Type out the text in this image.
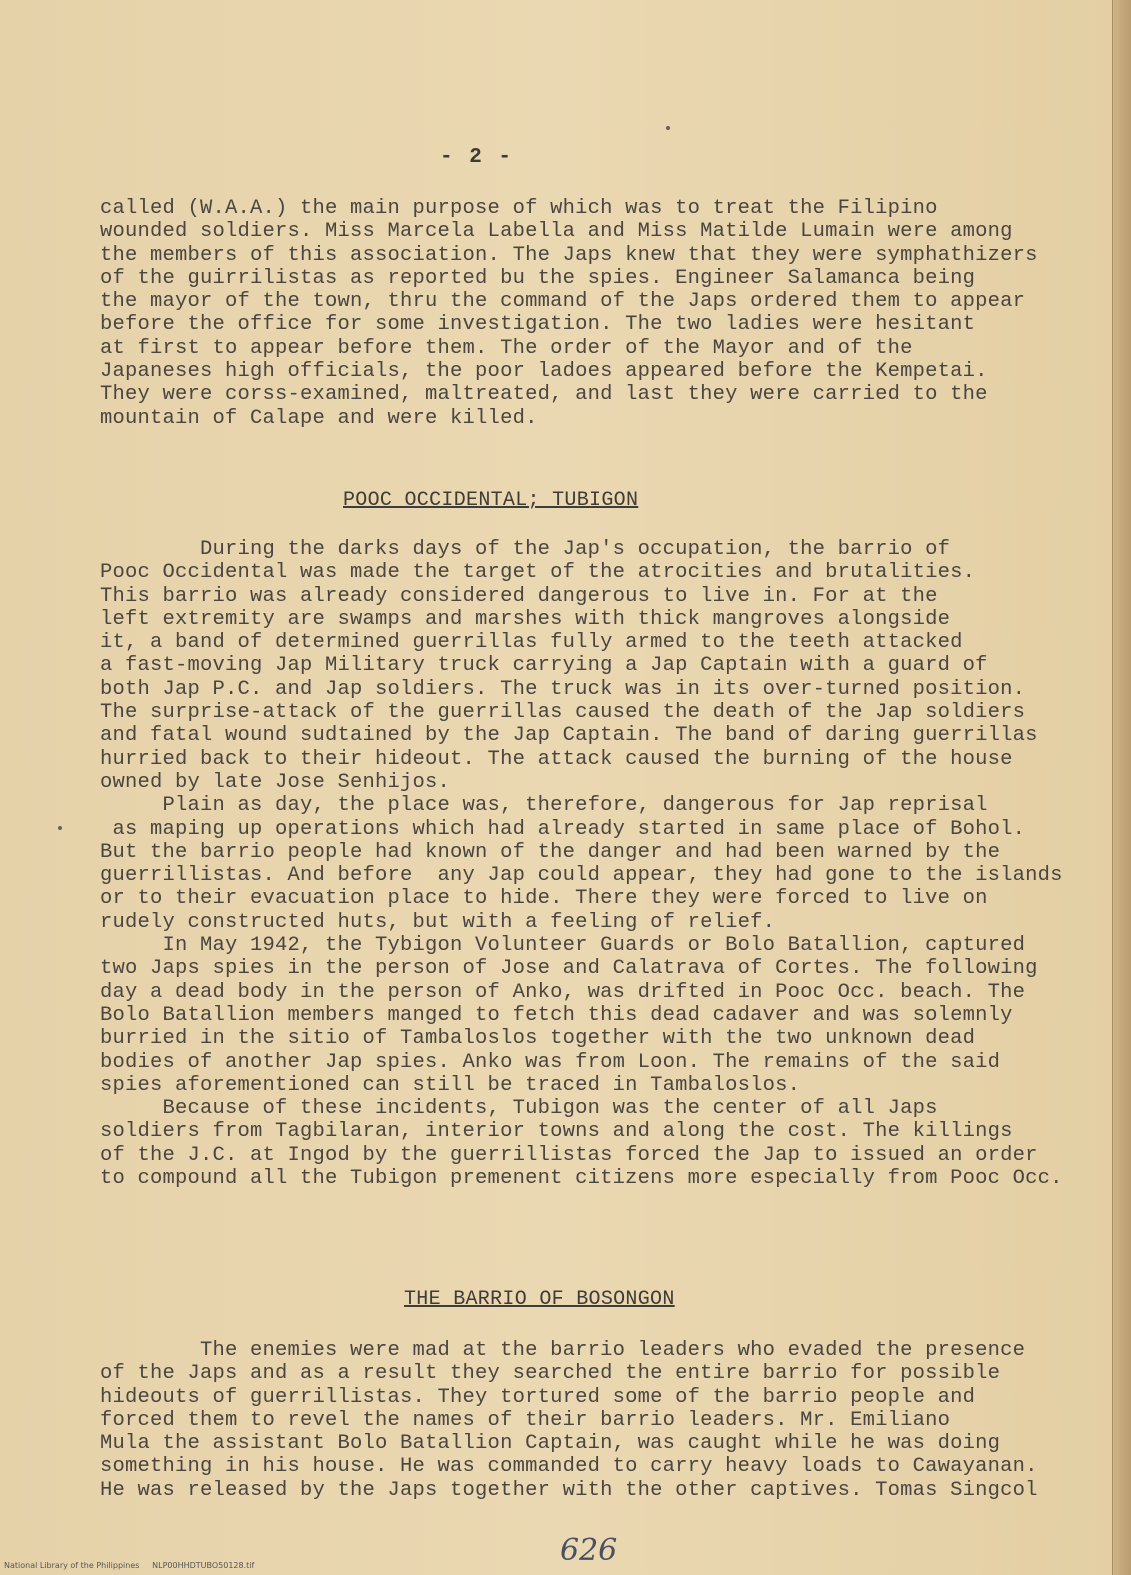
- 2 -
called (W.A.A.) the main purpose of which was to treat the Filipino
wounded soldiers. Miss Marcela Labella and Miss Matilde Lumain were among
the members of this association. The Japs knew that they were symphathizers
of the guirrilistas as reported bu the spies. Engineer Salamanca being
the mayor of the town, thru the command of the Japs ordered them to appear
before the office for some investigation. The two ladies were hesitant
at first to appear before them. The order of the Mayor and of the
Japaneses high officials, the poor ladoes appeared before the Kempetai.
They were corss-examined, maltreated, and last they were carried to the
mountain of Calape and were killed.
POOC OCCIDENTAL; TUBIGON
During the darks days of the Jap's occupation, the barrio of
Pooc Occidental was made the target of the atrocities and brutalities.
This barrio was already considered dangerous to live in. For at the
left extremity are swamps and marshes with thick mangroves alongside
it, a band of determined guerrillas fully armed to the teeth attacked
a fast-moving Jap Military truck carrying a Jap Captain with a guard of
both Jap P.C. and Jap soldiers. The truck was in its over-turned position.
The surprise-attack of the guerrillas caused the death of the Jap soldiers
and fatal wound sudtained by the Jap Captain. The band of daring guerrillas
hurried back to their hideout. The attack caused the burning of the house
owned by late Jose Senhijos.
Plain as day, the place was, therefore, dangerous for Jap reprisal
as maping up operations which had already started in same place of Bohol.
But the barrio people had known of the danger and had been warned by the
guerrillistas. And before  any Jap could appear, they had gone to the islands
or to their evacuation place to hide. There they were forced to live on
rudely constructed huts, but with a feeling of relief.
In May 1942, the Tybigon Volunteer Guards or Bolo Batallion, captured
two Japs spies in the person of Jose and Calatrava of Cortes. The following
day a dead body in the person of Anko, was drifted in Pooc Occ. beach. The
Bolo Batallion members manged to fetch this dead cadaver and was solemnly
burried in the sitio of Tambaloslos together with the two unknown dead
bodies of another Jap spies. Anko was from Loon. The remains of the said
spies aforementioned can still be traced in Tambaloslos.
Because of these incidents, Tubigon was the center of all Japs
soldiers from Tagbilaran, interior towns and along the cost. The killings
of the J.C. at Ingod by the guerrillistas forced the Jap to issued an order
to compound all the Tubigon premenent citizens more especially from Pooc Occ.
THE BARRIO OF BOSONGON
The enemies were mad at the barrio leaders who evaded the presence
of the Japs and as a result they searched the entire barrio for possible
hideouts of guerrillistas. They tortured some of the barrio people and
forced them to revel the names of their barrio leaders. Mr. Emiliano
Mula the assistant Bolo Batallion Captain, was caught while he was doing
something in his house. He was commanded to carry heavy loads to Cawayanan.
He was released by the Japs together with the other captives. Tomas Singcol
National Library of the Philippines NLP00HHDTUBO50128.tif	626
